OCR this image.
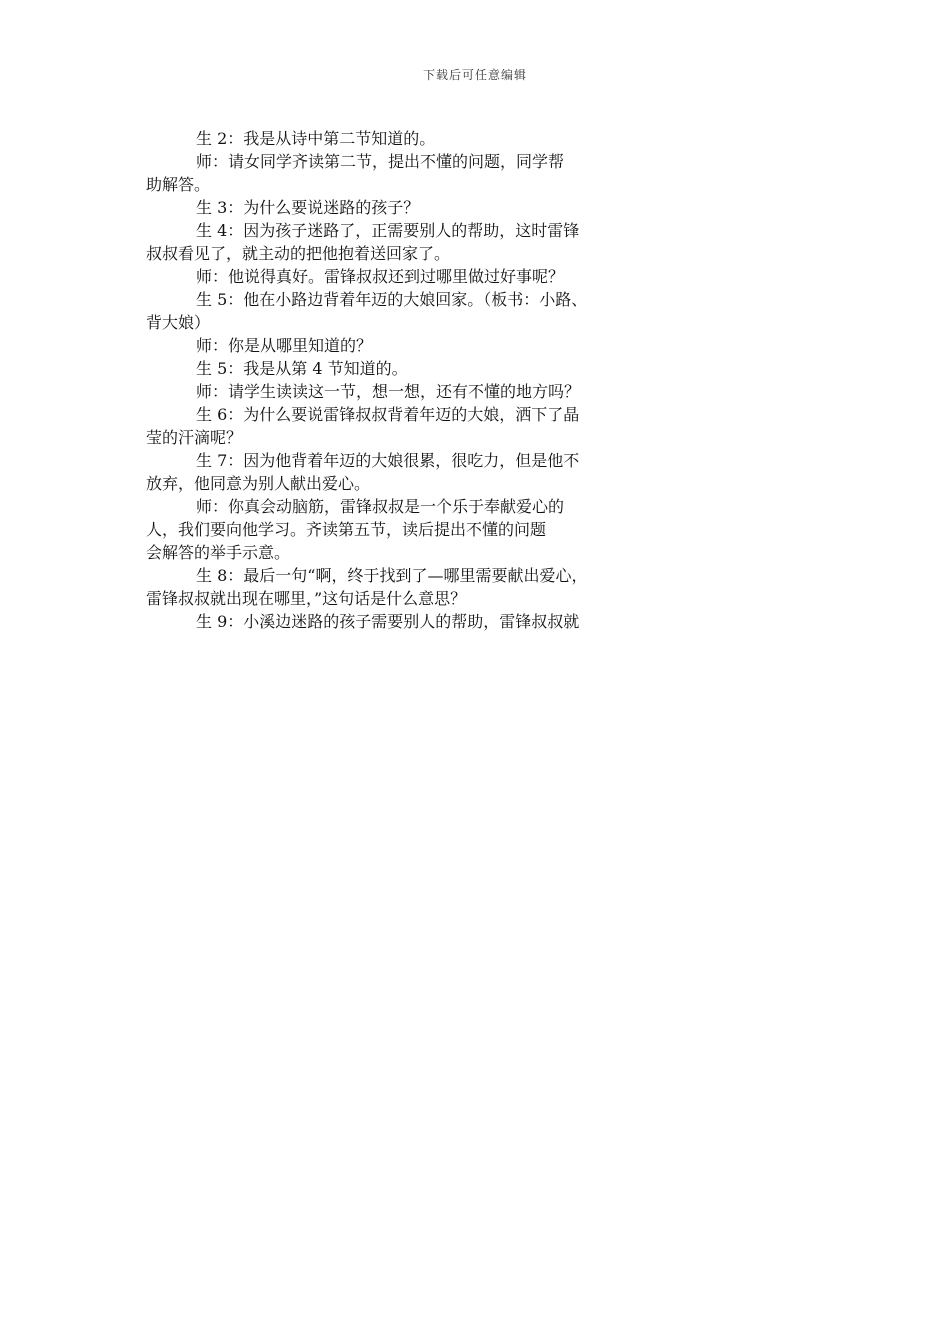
下载后可任意编辑
生 2：我是从诗中第二节知道的。
师：请女同学齐读第二节，提出不懂的问题，同学帮
助解答。
生 3：为什么要说迷路的孩子？
生 4：因为孩子迷路了，正需要别人的帮助，这时雷锋
叔叔看见了，就主动的把他抱着送回家了。
师：他说得真好。雷锋叔叔还到过哪里做过好事呢？
生 5：他在小路边背着年迈的大娘回家。（板书：小路、
背大娘）
师：你是从哪里知道的？
生 5：我是从第 4 节知道的。
师：请学生读读这一节，想一想，还有不懂的地方吗？
生 6：为什么要说雷锋叔叔背着年迈的大娘，洒下了晶
莹的汗滴呢？
生 7：因为他背着年迈的大娘很累，很吃力，但是他不
放弃，他同意为别人献出爱心。
师：你真会动脑筋，雷锋叔叔是一个乐于奉献爱心的
人，我们要向他学习。齐读第五节，读后提出不懂的问题
会解答的举手示意。
生 8：最后一句“啊，终于找到了—哪里需要献出爱心，
雷锋叔叔就出现在哪里，”这句话是什么意思？
生 9：小溪边迷路的孩子需要别人的帮助，雷锋叔叔就
